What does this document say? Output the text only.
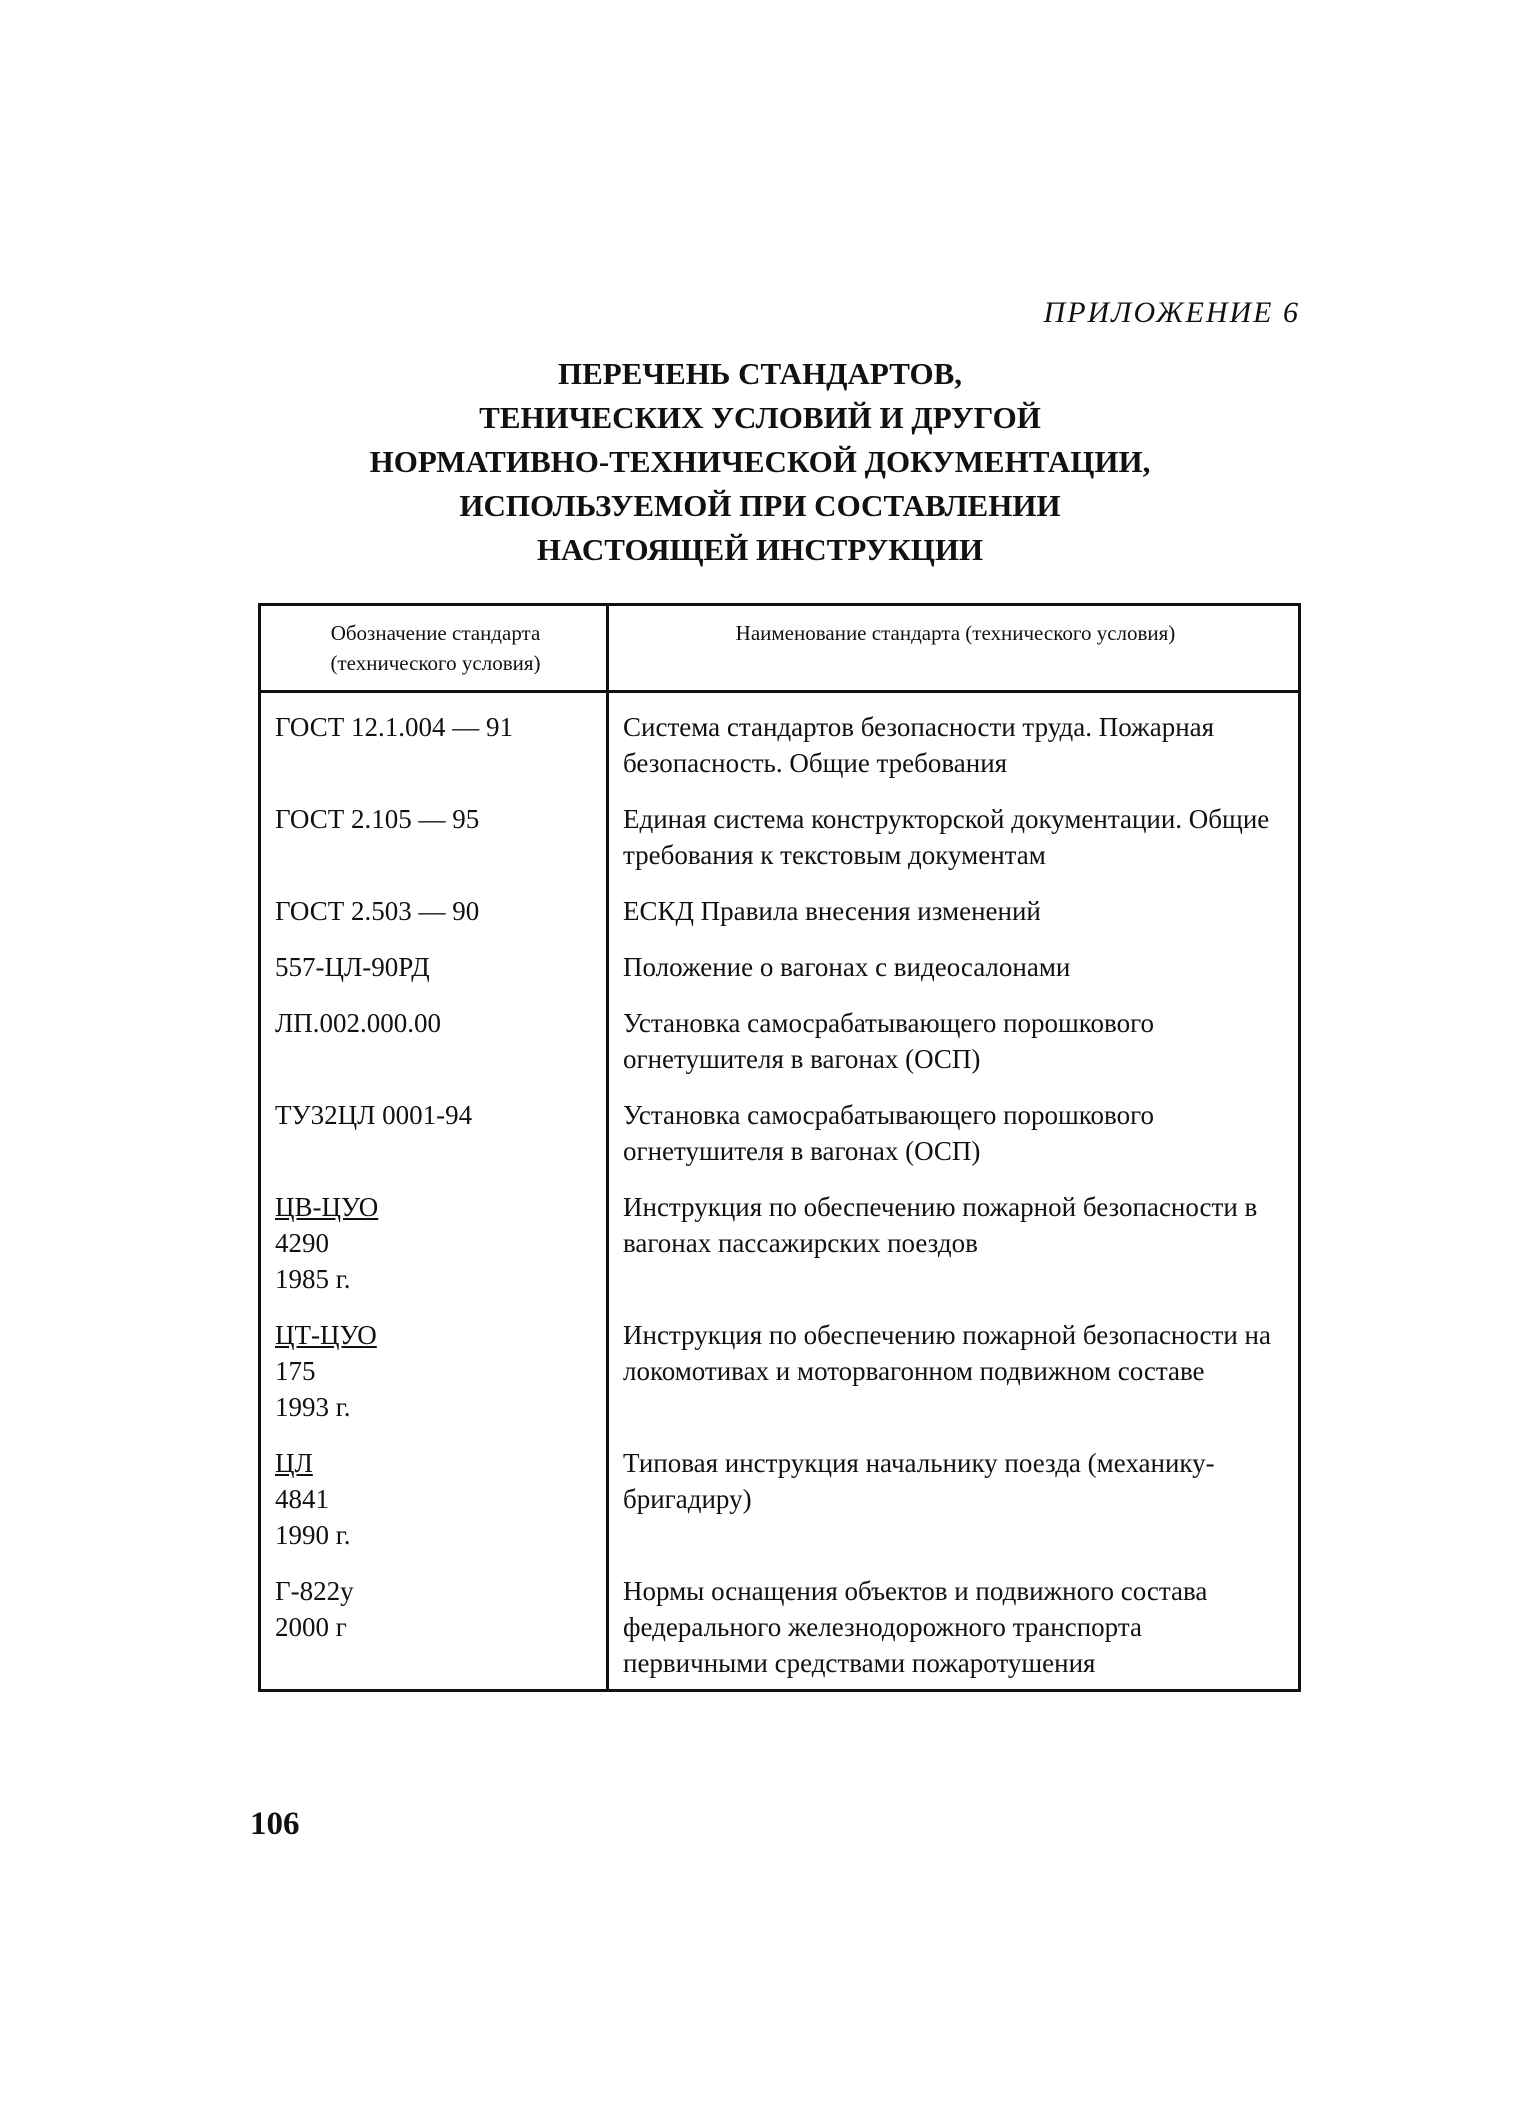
ПРИЛОЖЕНИЕ 6
ПЕРЕЧЕНЬ СТАНДАРТОВ,
ТЕНИЧЕСКИХ УСЛОВИЙ И ДРУГОЙ
НОРМАТИВНО-ТЕХНИЧЕСКОЙ ДОКУМЕНТАЦИИ,
ИСПОЛЬЗУЕМОЙ ПРИ СОСТАВЛЕНИИ
НАСТОЯЩЕЙ ИНСТРУКЦИИ
Обозначение стандарта
(технического условия)	Наименование стандарта (технического условия)

ГОСТ 12.1.004 — 91	Система стандартов безопасности труда. Пожарная безопасность. Общие требования

ГОСТ 2.105 — 95	Единая система конструкторской документации. Общие требования к текстовым документам

ГОСТ 2.503 — 90	ЕСКД Правила внесения изменений

557-ЦЛ-90РД	Положение о вагонах с видеосалонами

ЛП.002.000.00	Установка самосрабатывающего порошкового огнетушителя в вагонах (ОСП)

ТУ32ЦЛ 0001-94	Установка самосрабатывающего порошкового огнетушителя в вагонах (ОСП)

ЦВ-ЦУО
4290
1985 г.	Инструкция по обеспечению пожарной безопасности в вагонах пассажирских поездов

ЦТ-ЦУО
175
1993 г.	Инструкция по обеспечению пожарной безопасности на локомотивах и моторвагонном подвижном составе

ЦЛ
4841
1990 г.	Типовая инструкция начальнику поезда (механику-бригадиру)

Г-822у
2000 г	Нормы оснащения объектов и подвижного состава федерального железнодорожного транспорта первичными средствами пожаротушения
106
